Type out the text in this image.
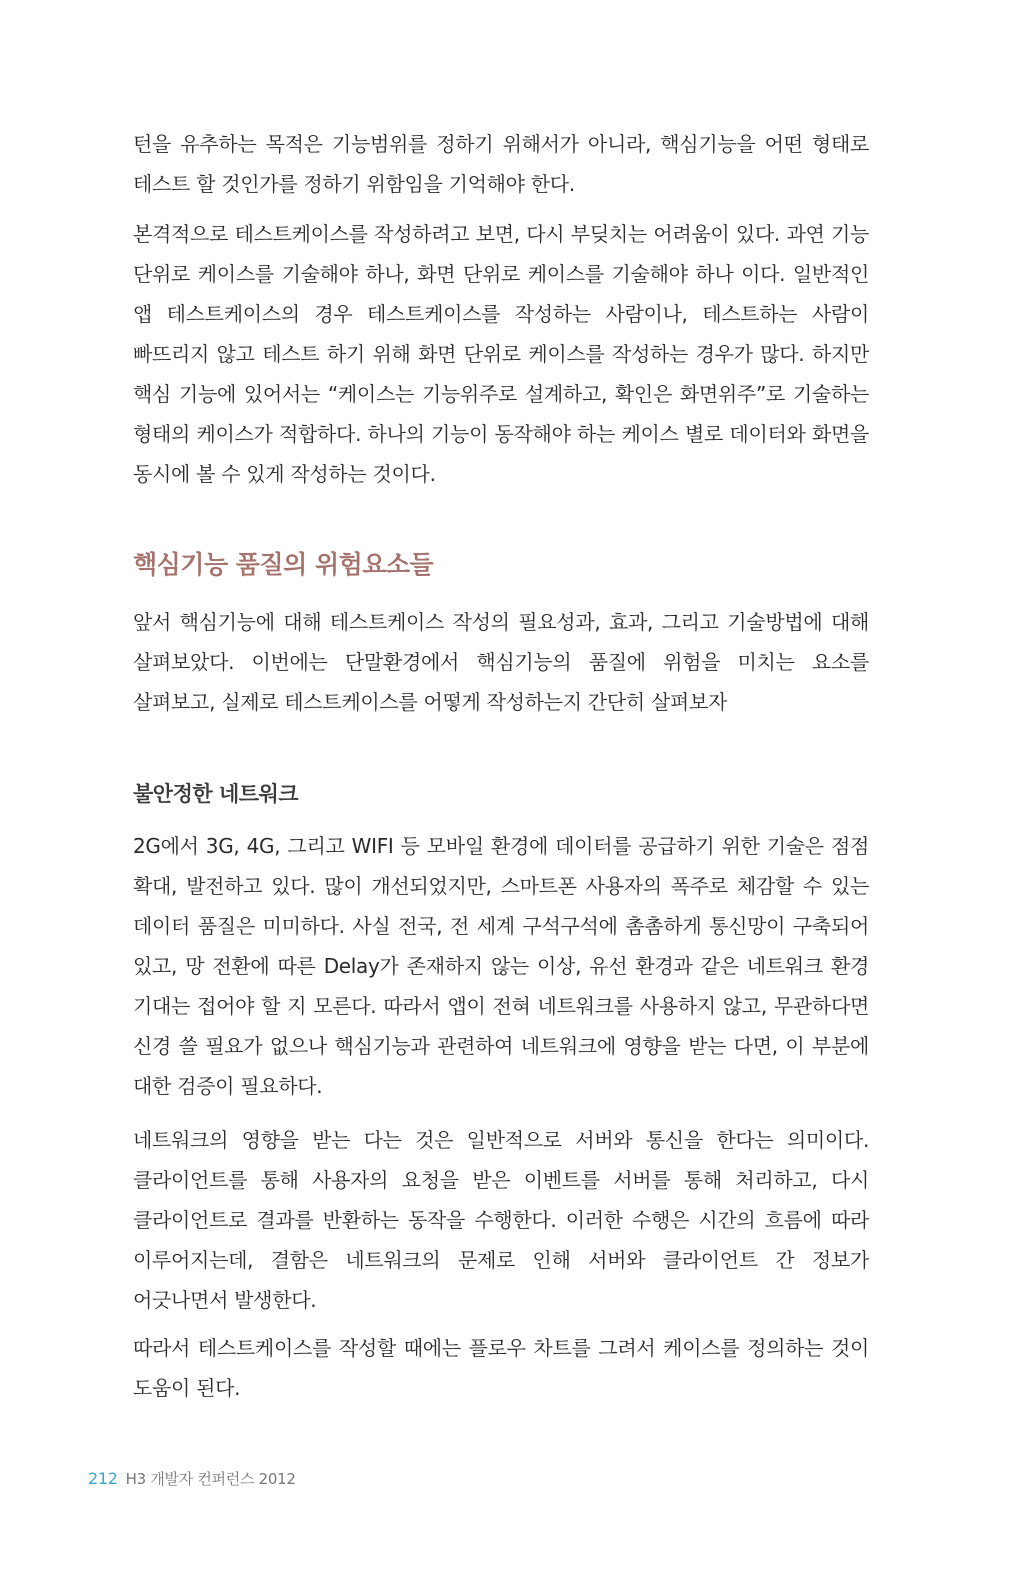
턴을 유추하는 목적은 기능범위를 정하기 위해서가 아니라, 핵심기능을 어떤 형태로 테스트 할 것인가를 정하기 위함임을 기억해야 한다.

본격적으로 테스트케이스를 작성하려고 보면, 다시 부딪치는 어려움이 있다. 과연 기능 단위로 케이스를 기술해야 하나, 화면 단위로 케이스를 기술해야 하나 이다. 일반적인 앱 테스트케이스의 경우 테스트케이스를 작성하는 사람이나, 테스트하는 사람이 빠뜨리지 않고 테스트 하기 위해 화면 단위로 케이스를 작성하는 경우가 많다. 하지만 핵심 기능에 있어서는 “케이스는 기능위주로 설계하고, 확인은 화면위주”로 기술하는 형태의 케이스가 적합하다. 하나의 기능이 동작해야 하는 케이스 별로 데이터와 화면을 동시에 볼 수 있게 작성하는 것이다.

핵심기능 품질의 위험요소들

앞서 핵심기능에 대해 테스트케이스 작성의 필요성과, 효과, 그리고 기술방법에 대해 살펴보았다. 이번에는 단말환경에서 핵심기능의 품질에 위험을 미치는 요소를 살펴보고, 실제로 테스트케이스를 어떻게 작성하는지 간단히 살펴보자

불안정한 네트워크

2G에서 3G, 4G, 그리고 WIFI 등 모바일 환경에 데이터를 공급하기 위한 기술은 점점 확대, 발전하고 있다. 많이 개선되었지만, 스마트폰 사용자의 폭주로 체감할 수 있는 데이터 품질은 미미하다. 사실 전국, 전 세계 구석구석에 촘촘하게 통신망이 구축되어 있고, 망 전환에 따른 Delay가 존재하지 않는 이상, 유선 환경과 같은 네트워크 환경 기대는 접어야 할 지 모른다. 따라서 앱이 전혀 네트워크를 사용하지 않고, 무관하다면 신경 쓸 필요가 없으나 핵심기능과 관련하여 네트워크에 영향을 받는 다면, 이 부분에 대한 검증이 필요하다.

네트워크의 영향을 받는 다는 것은 일반적으로 서버와 통신을 한다는 의미이다. 클라이언트를 통해 사용자의 요청을 받은 이벤트를 서버를 통해 처리하고, 다시 클라이언트로 결과를 반환하는 동작을 수행한다. 이러한 수행은 시간의 흐름에 따라 이루어지는데, 결함은 네트워크의 문제로 인해 서버와 클라이언트 간 정보가 어긋나면서 발생한다.

따라서 테스트케이스를 작성할 때에는 플로우 차트를 그려서 케이스를 정의하는 것이 도움이 된다.

212 H3 개발자 컨퍼런스 2012
